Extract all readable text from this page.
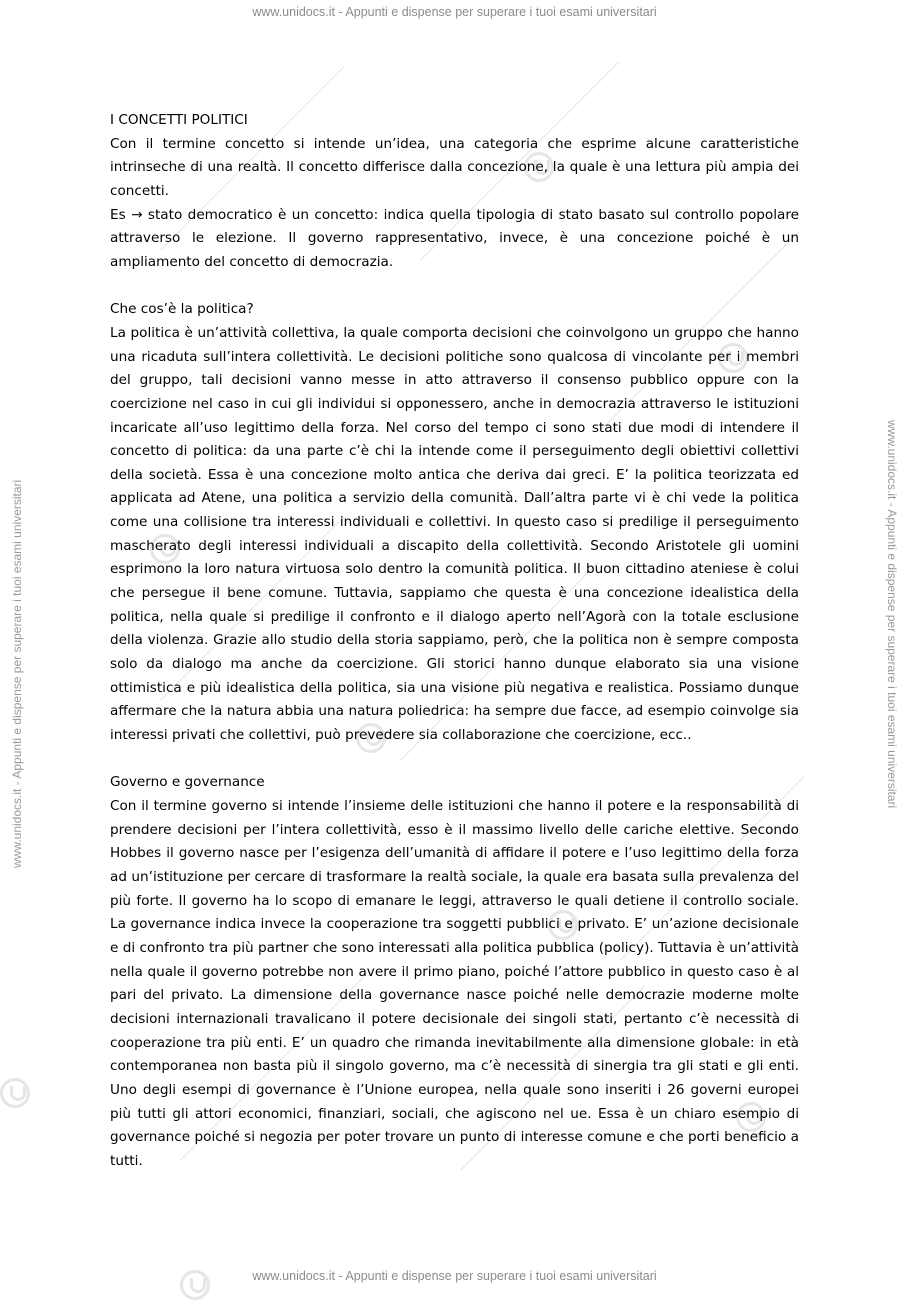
www.unidocs.it - Appunti e dispense per superare i tuoi esami universitari
www.unidocs.it - Appunti e dispense per superare i tuoi esami universitari	www.unidocs.it - Appunti e dispense per superare i tuoi esami universitari
I CONCETTI POLITICI

Con il termine concetto si intende un’idea, una categoria che esprime alcune caratteristiche intrinseche di una realtà. Il concetto differisce dalla concezione, la quale è una lettura più ampia dei concetti.

Es → stato democratico è un concetto: indica quella tipologia di stato basato sul controllo popolare attraverso le elezione. Il governo rappresentativo, invece, è una concezione poiché è un ampliamento del concetto di democrazia.

Che cos’è la politica?

La politica è un’attività collettiva, la quale comporta decisioni che coinvolgono un gruppo che hanno una ricaduta sull’intera collettività. Le decisioni politiche sono qualcosa di vincolante per i membri del gruppo, tali decisioni vanno messe in atto attraverso il consenso pubblico oppure con la coercizione nel caso in cui gli individui si opponessero, anche in democrazia attraverso le istituzioni incaricate all’uso legittimo della forza. Nel corso del tempo ci sono stati due modi di intendere il concetto di politica: da una parte c’è chi la intende come il perseguimento degli obiettivi collettivi della società. Essa è una concezione molto antica che deriva dai greci. E’ la politica teorizzata ed applicata ad Atene, una politica a servizio della comunità. Dall’altra parte vi è chi vede la politica come una collisione tra interessi individuali e collettivi. In questo caso si predilige il perseguimento mascherato degli interessi individuali a discapito della collettività. Secondo Aristotele gli uomini esprimono la loro natura virtuosa solo dentro la comunità politica. Il buon cittadino ateniese è colui che persegue il bene comune. Tuttavia, sappiamo che questa è una concezione idealistica della politica, nella quale si predilige il confronto e il dialogo aperto nell’Agorà con la totale esclusione della violenza. Grazie allo studio della storia sappiamo, però, che la politica non è sempre composta solo da dialogo ma anche da coercizione. Gli storici hanno dunque elaborato sia una visione ottimistica e più idealistica della politica, sia una visione più negativa e realistica. Possiamo dunque affermare che la natura abbia una natura poliedrica: ha sempre due facce, ad esempio coinvolge sia interessi privati che collettivi, può prevedere sia collaborazione che coercizione, ecc..

Governo e governance

Con il termine governo si intende l’insieme delle istituzioni che hanno il potere e la responsabilità di prendere decisioni per l’intera collettività, esso è il massimo livello delle cariche elettive. Secondo Hobbes il governo nasce per l’esigenza dell’umanità di affidare il potere e l’uso legittimo della forza ad un’istituzione per cercare di trasformare la realtà sociale, la quale era basata sulla prevalenza del più forte. Il governo ha lo scopo di emanare le leggi, attraverso le quali detiene il controllo sociale. La governance indica invece la cooperazione tra soggetti pubblici e privato. E’ un’azione decisionale e di confronto tra più partner che sono interessati alla politica pubblica (policy). Tuttavia è un’attività nella quale il governo potrebbe non avere il primo piano, poiché l’attore pubblico in questo caso è al pari del privato. La dimensione della governance nasce poiché nelle democrazie moderne molte decisioni internazionali travalicano il potere decisionale dei singoli stati, pertanto c’è necessità di cooperazione tra più enti. E’ un quadro che rimanda inevitabilmente alla dimensione globale: in età contemporanea non basta più il singolo governo, ma c’è necessità di sinergia tra gli stati e gli enti. Uno degli esempi di governance è l’Unione europea, nella quale sono inseriti i 26 governi europei più tutti gli attori economici, finanziari, sociali, che agiscono nel ue. Essa è un chiaro esempio di governance poiché si negozia per poter trovare un punto di interesse comune e che porti beneficio a tutti.

www.unidocs.it - Appunti e dispense per superare i tuoi esami universitari
